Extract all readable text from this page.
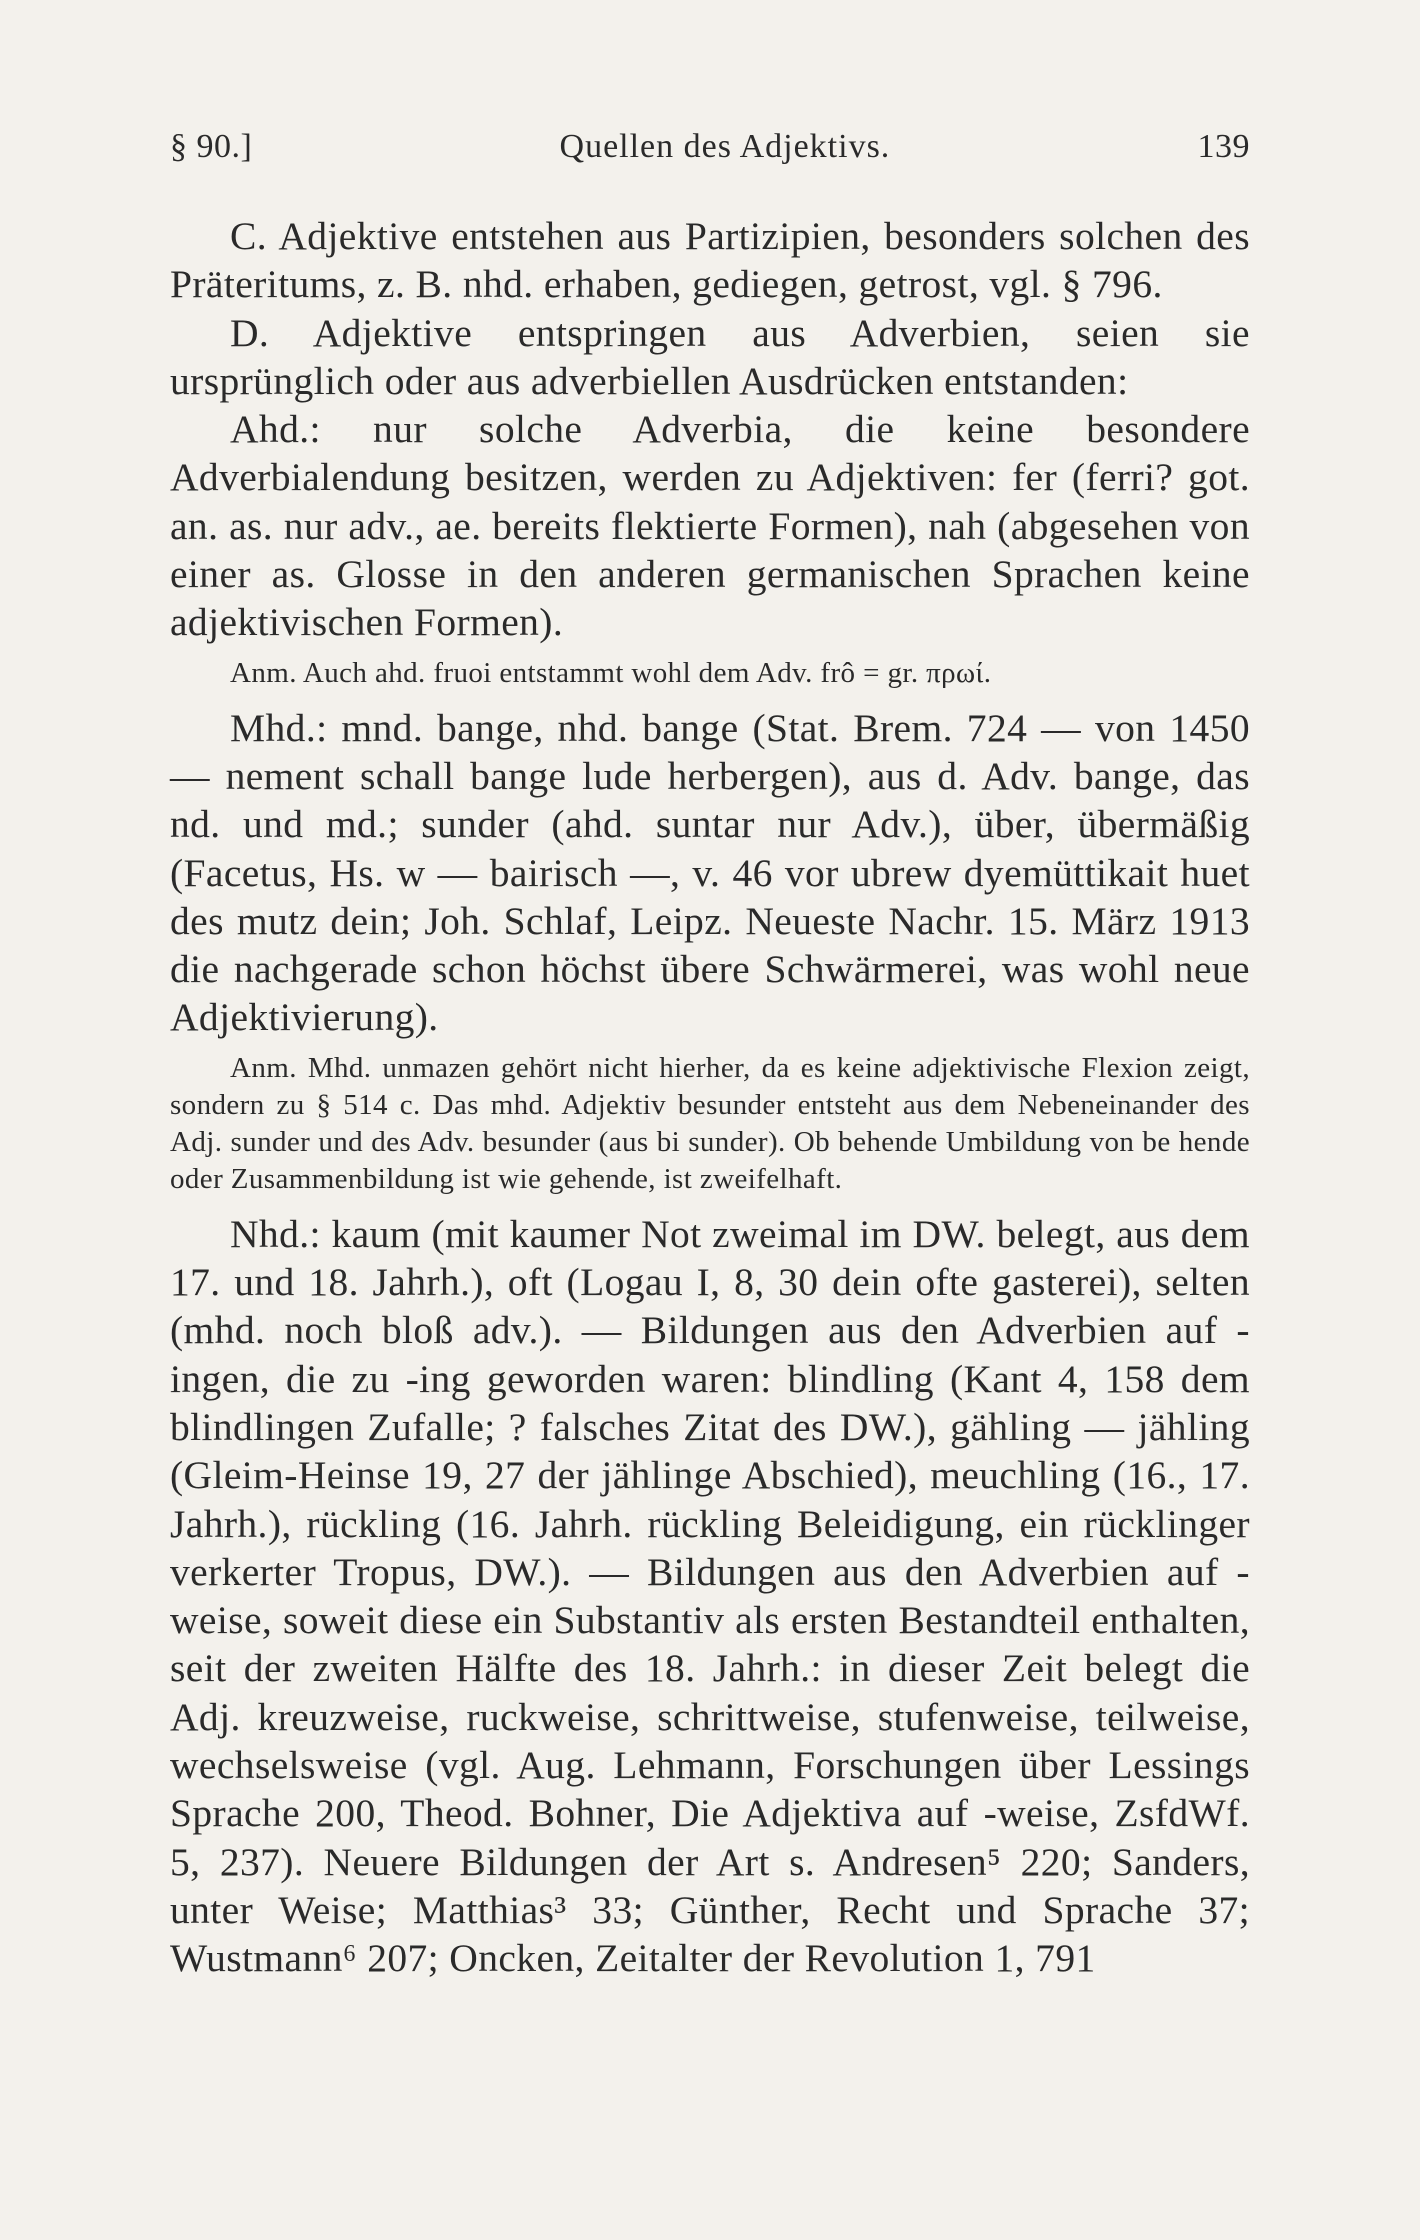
§ 90.]	Quellen des Adjektivs.	139

C. Adjektive entstehen aus Partizipien, besonders solchen des Präteritums, z. B. nhd. erhaben, gediegen, getrost, vgl. § 796.

D. Adjektive entspringen aus Adverbien, seien sie ursprünglich oder aus adverbiellen Ausdrücken entstanden:

Ahd.: nur solche Adverbia, die keine besondere Adverbialendung besitzen, werden zu Adjektiven: fer (ferri? got. an. as. nur adv., ae. bereits flektierte Formen), nah (abgesehen von einer as. Glosse in den anderen germanischen Sprachen keine adjektivischen Formen).

Anm. Auch ahd. fruoi entstammt wohl dem Adv. frô = gr. πρωί.

Mhd.: mnd. bange, nhd. bange (Stat. Brem. 724 — von 1450 — nement schall bange lude herbergen), aus d. Adv. bange, das nd. und md.; sunder (ahd. suntar nur Adv.), über, übermäßig (Facetus, Hs. w — bairisch —, v. 46 vor ubrew dyemüttikait huet des mutz dein; Joh. Schlaf, Leipz. Neueste Nachr. 15. März 1913 die nachgerade schon höchst übere Schwärmerei, was wohl neue Adjektivierung).

Anm. Mhd. unmazen gehört nicht hierher, da es keine adjektivische Flexion zeigt, sondern zu § 514 c. Das mhd. Adjektiv besunder entsteht aus dem Nebeneinander des Adj. sunder und des Adv. besunder (aus bi sunder). Ob behende Umbildung von be hende oder Zusammenbildung ist wie gehende, ist zweifelhaft.

Nhd.: kaum (mit kaumer Not zweimal im DW. belegt, aus dem 17. und 18. Jahrh.), oft (Logau I, 8, 30 dein ofte gasterei), selten (mhd. noch bloß adv.). — Bildungen aus den Adverbien auf -ingen, die zu -ing geworden waren: blindling (Kant 4, 158 dem blindlingen Zufalle; ? falsches Zitat des DW.), gähling — jähling (Gleim-Heinse 19, 27 der jählinge Abschied), meuchling (16., 17. Jahrh.), rückling (16. Jahrh. rückling Beleidigung, ein rücklinger verkerter Tropus, DW.). — Bildungen aus den Adverbien auf -weise, soweit diese ein Substantiv als ersten Bestandteil enthalten, seit der zweiten Hälfte des 18. Jahrh.: in dieser Zeit belegt die Adj. kreuzweise, ruckweise, schrittweise, stufenweise, teilweise, wechselsweise (vgl. Aug. Lehmann, Forschungen über Lessings Sprache 200, Theod. Bohner, Die Adjektiva auf -weise, ZsfdWf. 5, 237). Neuere Bildungen der Art s. Andresen⁵ 220; Sanders, unter Weise; Matthias³ 33; Günther, Recht und Sprache 37; Wustmann⁶ 207; Oncken, Zeitalter der Revolution 1, 791
